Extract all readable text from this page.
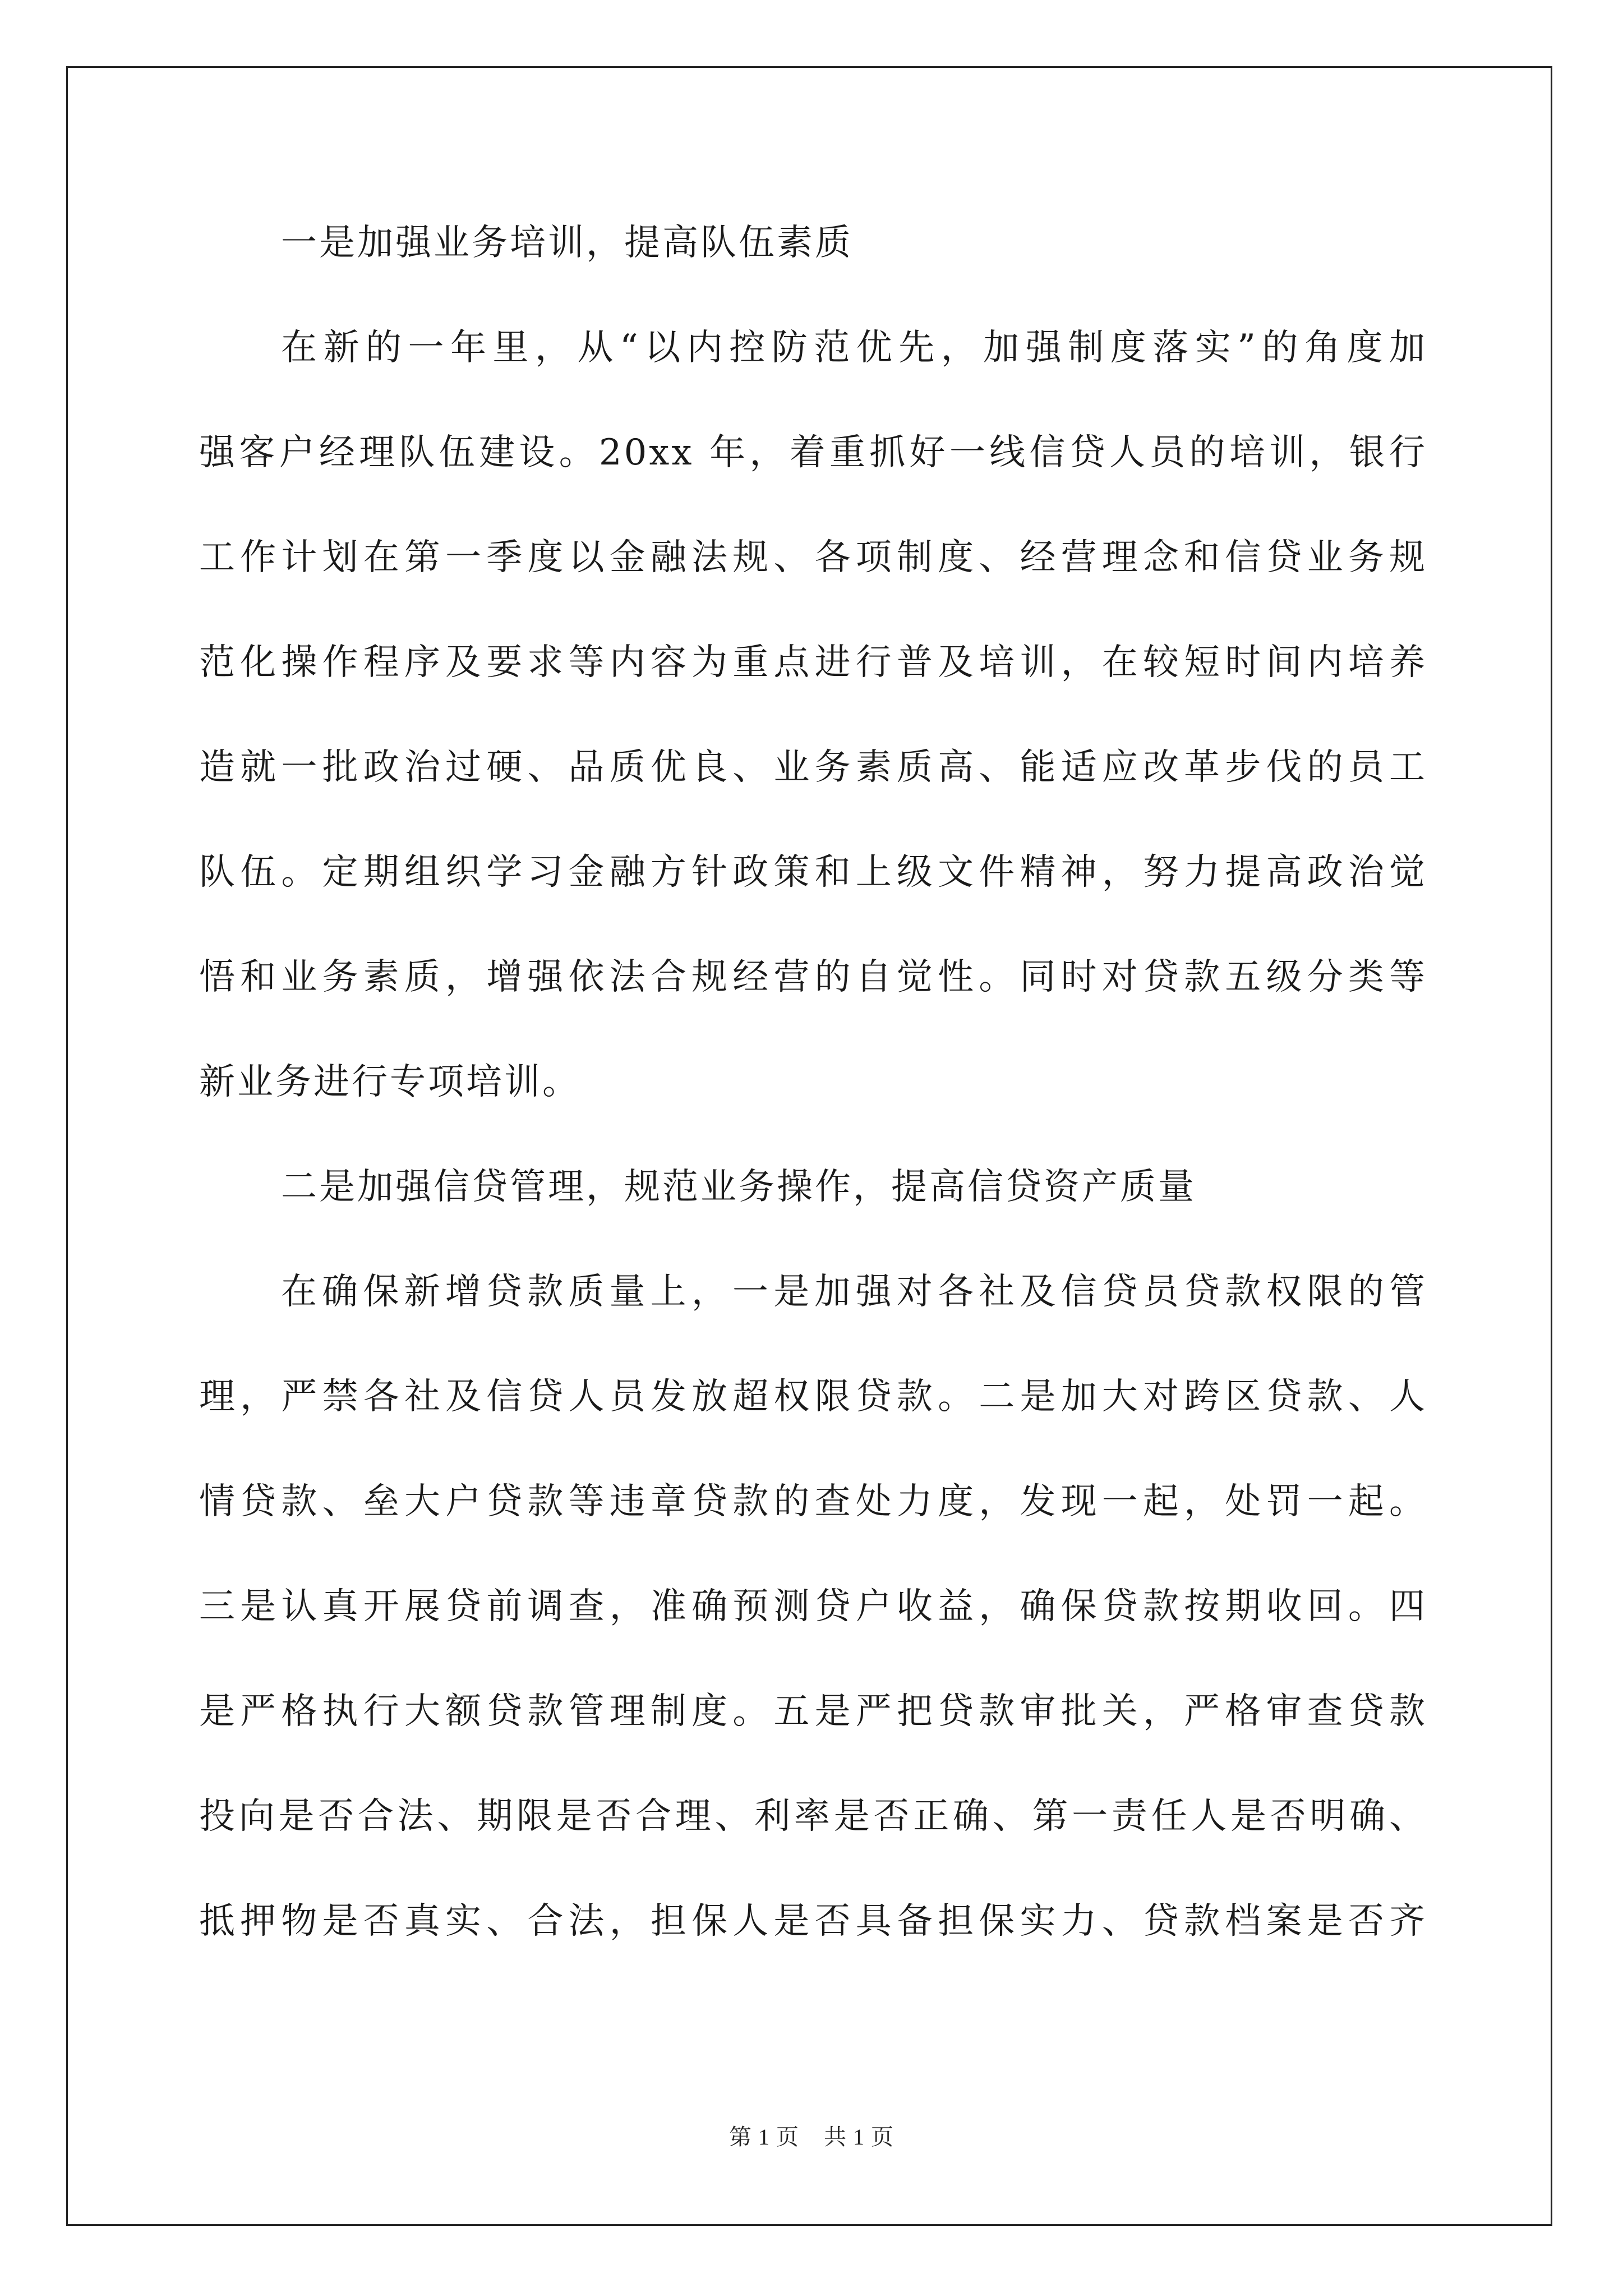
一是加强业务培训，提高队伍素质
在新的一年里，从“以内控防范优先，加强制度落实”的角度加
强客户经理队伍建设。20xx 年，着重抓好一线信贷人员的培训，银行
工作计划在第一季度以金融法规、各项制度、经营理念和信贷业务规
范化操作程序及要求等内容为重点进行普及培训，在较短时间内培养
造就一批政治过硬、品质优良、业务素质高、能适应改革步伐的员工
队伍。定期组织学习金融方针政策和上级文件精神，努力提高政治觉
悟和业务素质，增强依法合规经营的自觉性。同时对贷款五级分类等
新业务进行专项培训。
二是加强信贷管理，规范业务操作，提高信贷资产质量
在确保新增贷款质量上，一是加强对各社及信贷员贷款权限的管
理，严禁各社及信贷人员发放超权限贷款。二是加大对跨区贷款、人
情贷款、垒大户贷款等违章贷款的查处力度，发现一起，处罚一起。
三是认真开展贷前调查，准确预测贷户收益，确保贷款按期收回。四
是严格执行大额贷款管理制度。五是严把贷款审批关，严格审查贷款
投向是否合法、期限是否合理、利率是否正确、第一责任人是否明确、
抵押物是否真实、合法，担保人是否具备担保实力、贷款档案是否齐
第 1 页 共 1 页
